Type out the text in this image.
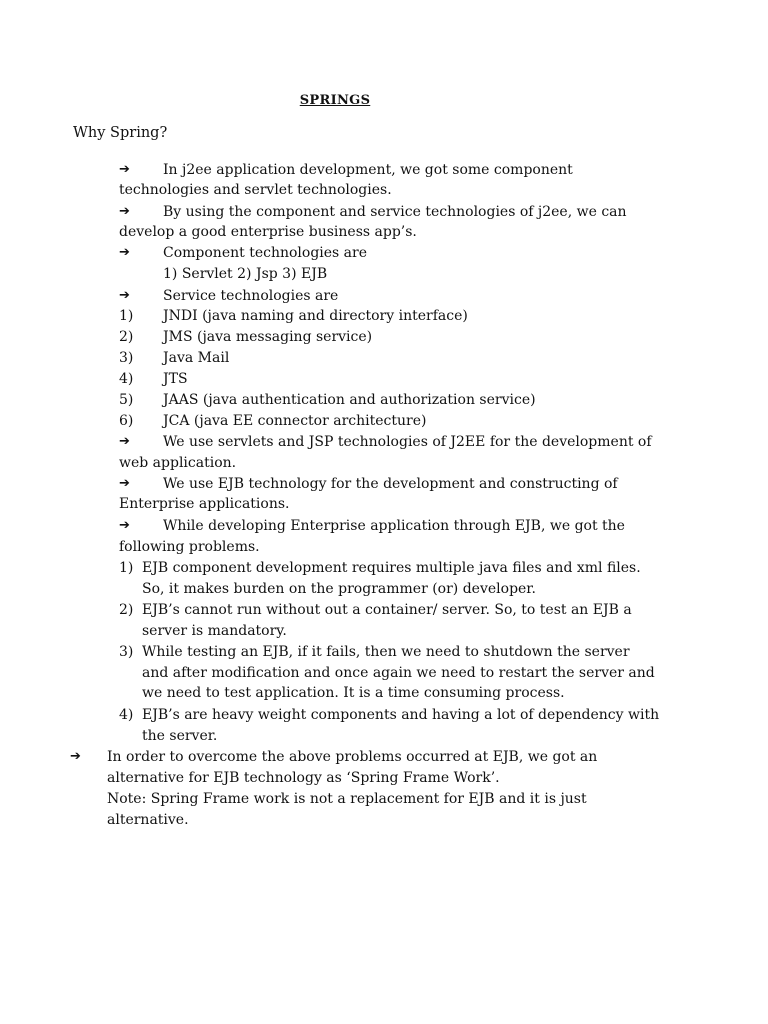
SPRINGS
Why Spring?
➔ In j2ee application development, we got some component
technologies and servlet technologies.
➔ By using the component and service technologies of j2ee, we can
develop a good enterprise business app’s.
➔ Component technologies are
1) Servlet 2) Jsp 3) EJB
➔ Service technologies are
1) JNDI (java naming and directory interface)
2) JMS (java messaging service)
3) Java Mail
4) JTS
5) JAAS (java authentication and authorization service)
6) JCA (java EE connector architecture)
➔ We use servlets and JSP technologies of J2EE for the development of
web application.
➔ We use EJB technology for the development and constructing of
Enterprise applications.
➔ While developing Enterprise application through EJB, we got the
following problems.
1) EJB component development requires multiple java files and xml files.
So, it makes burden on the programmer (or) developer.
2) EJB’s cannot run without out a container/ server. So, to test an EJB a
server is mandatory.
3) While testing an EJB, if it fails, then we need to shutdown the server
and after modification and once again we need to restart the server and
we need to test application. It is a time consuming process.
4) EJB’s are heavy weight components and having a lot of dependency with
the server.
➔ In order to overcome the above problems occurred at EJB, we got an
alternative for EJB technology as ‘Spring Frame Work’.
Note: Spring Frame work is not a replacement for EJB and it is just
alternative.
